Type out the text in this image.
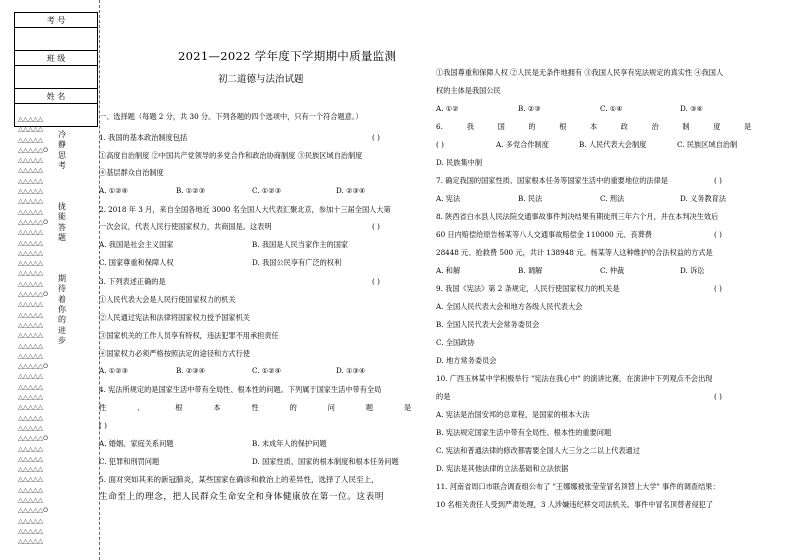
考 号

班 级

姓 名

△△△△△
△△△△△
△△△△△
△△△△△O
△△△△△
△△△△△
△△△△△
△△△△△
△△△△△
△△△△△
△△△△△O
△△△△△
△△△△△
△△△△△
△△△△△
△△△△△
△△△△△
△△△△△O
△△△△△
△△△△△
△△△△△
△△△△△
△△△△△
△△△△△
△△△△△O
△△△△△
△△△△△
△△△△△
△△△△△
△△△△△
△△△△△
△△△△△O
△△△△△
△△△△△
△△△△△
△△△△△
△△△△△
△△△△△
△△△△△O
△△△△△
△△△△△
△△△△△
冷
静
思
考
拢
能
答
题
期
待
着
你
的
进
步
2021—2022 学年度下学期期中质量监测
初二道德与法治试题
一、选择题（每题 2 分，共 30 分。下列各题的四个选项中，只有一个符合题意。）
1. 我国的基本政治制度包括	( )
①高度自治制度 ②中国共产党领导的多党合作和政治协商制度 ③民族区域自治制度
④基层群众自治制度
A. ①②④	B. ①②③	C. ①②③	D. ②③④
2. 2018 年 3 月，来自全国各地近 3000 名全国人大代表汇聚北京，参加十三届全国人大第
一次会议，代表人民行使国家权力，共商国是。这表明	( )
A. 我国是社会主义国家	B. 我国是人民当家作主的国家
C. 国家尊重和保障人权	D. 我国公民享有广泛的权利
3. 下列表述正确的是	( )
①人民代表大会是人民行使国家权力的机关
②人民通过宪法和法律将国家权力授予国家机关
③国家机关的工作人员享有特权，违法犯罪不用承担责任
④国家权力必须严格按照法定的途径和方式行使
A. ①②③	B. ②③④	C. ①②④	D. ①③④
4. 宪法所规定的是国家生活中带有全局性、根本性的问题。下列属于国家生活中带有全局
性	、	根	本	性	的	问	题	是
( )
A. 婚姻、家庭关系问题	B. 未成年人的保护问题
C. 犯罪和刑罚问题	D. 国家性质、国家的根本制度和根本任务问题
5. 面对突如其来的新冠肺炎，某些国家在确诊和救治上的差异性，选择了人民至上，
生命至上的理念，把人民群众生命安全和身体健康放在第一位。这表明
①我国尊重和保障人权 ②人民是无条件地拥有 ③我国人民享有宪法规定的真实性 ④我国人
权的主体是我国公民
A. ①②	B. ②③	C. ①④	D. ③④
6.	我	国	的	根	本	政	治	制	度	是
( )	A. 多党合作制度	B. 人民代表大会制度	C. 民族区域自治制
D. 民族集中制
7. 确定我国的国家性质、国家根本任务等国家生活中的重要地位的法律是	( )
A. 宪法	B. 民法	C. 刑法	D. 义务教育法
8. 陕西省白水县人民法院交通事故事件判决结果有期徒刑三年六个月，并在本判决生效后
60 日内赔偿给原告杨某等八人交通事故赔偿金 110000 元、丧葬费
28448 元、抢救费 500 元，共计 138948 元。杨某等人这种维护的合法权益的方式是
( )
A. 和解	B. 调解	C. 仲裁	D. 诉讼
9. 我国《宪法》第 2 条规定，人民行使国家权力的机关是	( )
A. 全国人民代表大会和地方各级人民代表大会
B. 全国人民代表大会常务委员会
C. 全国政协
D. 地方常务委员会
10. 广西玉林某中学积极举行 "宪法在我心中" 的演讲比赛，在演讲中下列观点不会出现
的是	( )
A. 宪法是治国安邦的总章程，是国家的根本大法
B. 宪法规定国家生活中带有全局性、根本性的重要问题
C. 宪法和普通法律的修改都需要全国人大三分之二以上代表通过
D. 宪法是其他法律的立法基础和立法依据
11. 河南省周口市联合调查组公布了 "王娜娜被张莹莹冒名顶替上大学" 事件的调查结果：
10 名相关责任人受到严肃处理，3 人涉嫌违纪移交司法机关。事件中冒名顶替者侵犯了
